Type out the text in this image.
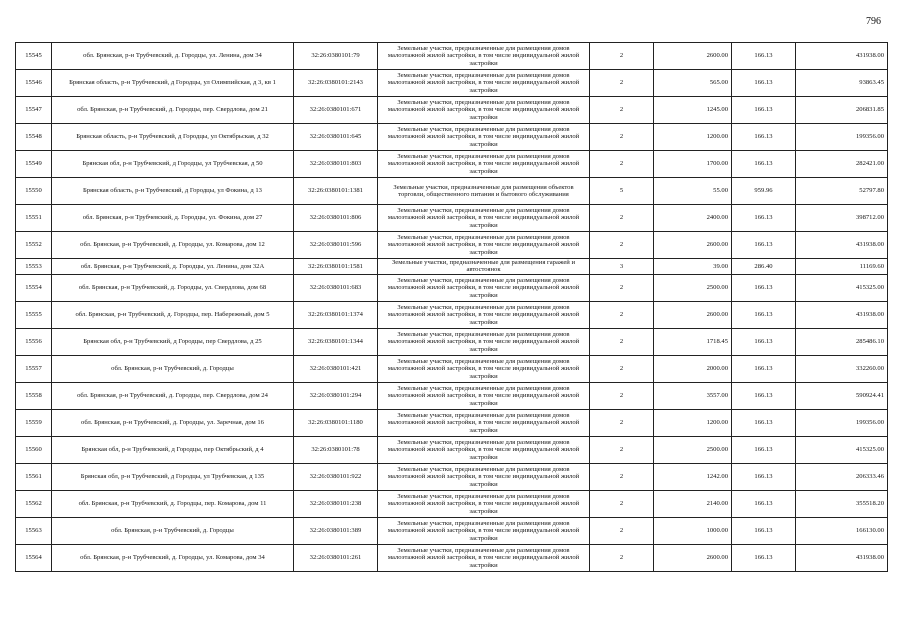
796
15545	обл. Брянская, р-н Трубчевский, д. Городцы, ул. Ленина, дом 34	32:26:0380101:79	Земельные участки, предназначенные для размещения домов малоэтажной жилой застройки, в том числе индивидуальной жилой застройки	2	2600.00	166.13	431938.00
15546	Брянская область, р-н Трубчевский, д Городцы, ул Олимпийская, д 3, кв 1	32:26:0380101:2143	Земельные участки, предназначенные для размещения домов малоэтажной жилой застройки, в том числе индивидуальной жилой застройки	2	565.00	166.13	93863.45
15547	обл. Брянская, р-н Трубчевский, д. Городцы, пер. Свердлова, дом 21	32:26:0380101:671	Земельные участки, предназначенные для размещения домов малоэтажной жилой застройки, в том числе индивидуальной жилой застройки	2	1245.00	166.13	206831.85
15548	Брянская область, р-н Трубчевский, д Городцы, ул Октябрьская, д 32	32:26:0380101:645	Земельные участки, предназначенные для размещения домов малоэтажной жилой застройки, в том числе индивидуальной жилой застройки	2	1200.00	166.13	199356.00
15549	Брянская обл, р-н Трубчевский, д Городцы, ул Трубчевская, д 50	32:26:0380101:803	Земельные участки, предназначенные для размещения домов малоэтажной жилой застройки, в том числе индивидуальной жилой застройки	2	1700.00	166.13	282421.00
15550	Брянская область, р-н Трубчевский, д Городцы, ул Фокина, д 13	32:26:0380101:1381	Земельные участки, предназначенные для размещения объектов торговли, общественного питания и бытового обслуживания	5	55.00	959.96	52797.80
15551	обл. Брянская, р-н Трубчевский, д. Городцы, ул. Фокина, дом 27	32:26:0380101:806	Земельные участки, предназначенные для размещения домов малоэтажной жилой застройки, в том числе индивидуальной жилой застройки	2	2400.00	166.13	398712.00
15552	обл. Брянская, р-н Трубчевский, д. Городцы, ул. Комарова, дом 12	32:26:0380101:596	Земельные участки, предназначенные для размещения домов малоэтажной жилой застройки, в том числе индивидуальной жилой застройки	2	2600.00	166.13	431938.00
15553	обл. Брянская, р-н Трубчевский, д. Городцы, ул. Ленина, дом 32А	32:26:0380101:1581	Земельные участки, предназначенные для размещения гаражей и автостоянок	3	39.00	286.40	11169.60
15554	обл. Брянская, р-н Трубчевский, д. Городцы, ул. Свердлова, дом 68	32:26:0380101:683	Земельные участки, предназначенные для размещения домов малоэтажной жилой застройки, в том числе индивидуальной жилой застройки	2	2500.00	166.13	415325.00
15555	обл. Брянская, р-н Трубчевский, д. Городцы, пер. Набережный, дом 5	32:26:0380101:1374	Земельные участки, предназначенные для размещения домов малоэтажной жилой застройки, в том числе индивидуальной жилой застройки	2	2600.00	166.13	431938.00
15556	Брянская обл, р-н Трубчевский, д Городцы, пер Свердлова, д 25	32:26:0380101:1344	Земельные участки, предназначенные для размещения домов малоэтажной жилой застройки, в том числе индивидуальной жилой застройки	2	1718.45	166.13	285486.10
15557	обл. Брянская, р-н Трубчевский, д. Городцы	32:26:0380101:421	Земельные участки, предназначенные для размещения домов малоэтажной жилой застройки, в том числе индивидуальной жилой застройки	2	2000.00	166.13	332260.00
15558	обл. Брянская, р-н Трубчевский, д. Городцы, пер. Свердлова, дом 24	32:26:0380101:294	Земельные участки, предназначенные для размещения домов малоэтажной жилой застройки, в том числе индивидуальной жилой застройки	2	3557.00	166.13	590924.41
15559	обл. Брянская, р-н Трубчевский, д. Городцы, ул. Заречная, дом 16	32:26:0380101:1180	Земельные участки, предназначенные для размещения домов малоэтажной жилой застройки, в том числе индивидуальной жилой застройки	2	1200.00	166.13	199356.00
15560	Брянская обл, р-н Трубчевский, д Городцы, пер Октябрьский, д 4	32:26:0380101:78	Земельные участки, предназначенные для размещения домов малоэтажной жилой застройки, в том числе индивидуальной жилой застройки	2	2500.00	166.13	415325.00
15561	Брянская обл, р-н Трубчевский, д Городцы, ул Трубчевская, д 135	32:26:0380101:922	Земельные участки, предназначенные для размещения домов малоэтажной жилой застройки, в том числе индивидуальной жилой застройки	2	1242.00	166.13	206333.46
15562	обл. Брянская, р-н Трубчевский, д. Городцы, пер. Комарова, дом 11	32:26:0380101:238	Земельные участки, предназначенные для размещения домов малоэтажной жилой застройки, в том числе индивидуальной жилой застройки	2	2140.00	166.13	355518.20
15563	обл. Брянская, р-н Трубчевский, д. Городцы	32:26:0380101:389	Земельные участки, предназначенные для размещения домов малоэтажной жилой застройки, в том числе индивидуальной жилой застройки	2	1000.00	166.13	166130.00
15564	обл. Брянская, р-н Трубчевский, д. Городцы, ул. Комарова, дом 34	32:26:0380101:261	Земельные участки, предназначенные для размещения домов малоэтажной жилой застройки, в том числе индивидуальной жилой застройки	2	2600.00	166.13	431938.00
